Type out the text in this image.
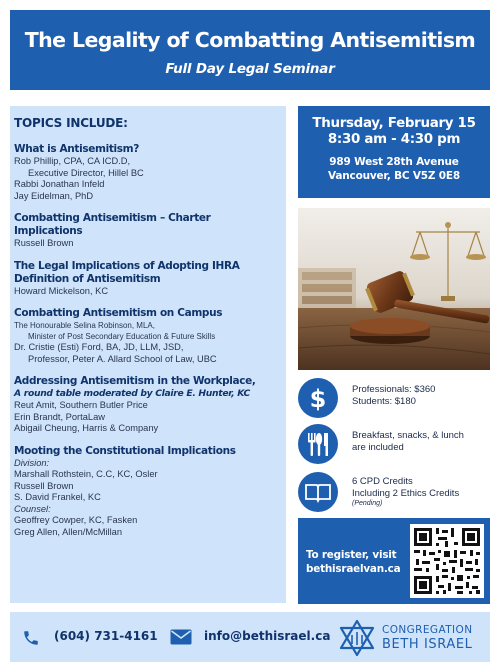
The Legality of Combatting Antisemitism
Full Day Legal Seminar
TOPICS INCLUDE:
What is Antisemitism?
Rob Phillip, CPA, CA ICD.D,
Executive Director, Hillel BC
Rabbi Jonathan Infeld
Jay Eidelman, PhD
Combatting Antisemitism – Charter
Implications
Russell Brown
The Legal Implications of Adopting IHRA
Definition of Antisemitism
Howard Mickelson, KC
Combatting Antisemitism on Campus
The Honourable Selina Robinson, MLA,
Minister of Post Secondary Education & Future Skills
Dr. Cristie (Esti) Ford, BA, JD, LLM, JSD,
Professor, Peter A. Allard School of Law, UBC
Addressing Antisemitism in the Workplace,
A round table moderated by Claire E. Hunter, KC
Reut Amit, Southern Butler Price
Erin Brandt, PortaLaw
Abigail Cheung, Harris & Company
Mooting the Constitutional Implications
Division:
Marshall Rothstein, C.C, KC, Osler
Russell Brown
S. David Frankel, KC
Counsel:
Geoffrey Cowper, KC, Fasken
Greg Allen, Allen/McMillan
Thursday, February 15
8:30 am - 4:30 pm
989 West 28th Avenue
Vancouver, BC V5Z 0E8
$	Professionals: $360
Students: $180
Breakfast, snacks, & lunch
are included
6 CPD Credits
Including 2 Ethics Credits
(Pending)
To register, visit
bethisraelvan.ca
(604) 731-4161	info@bethisrael.ca	CONGREGATION
BETH ISRAEL
